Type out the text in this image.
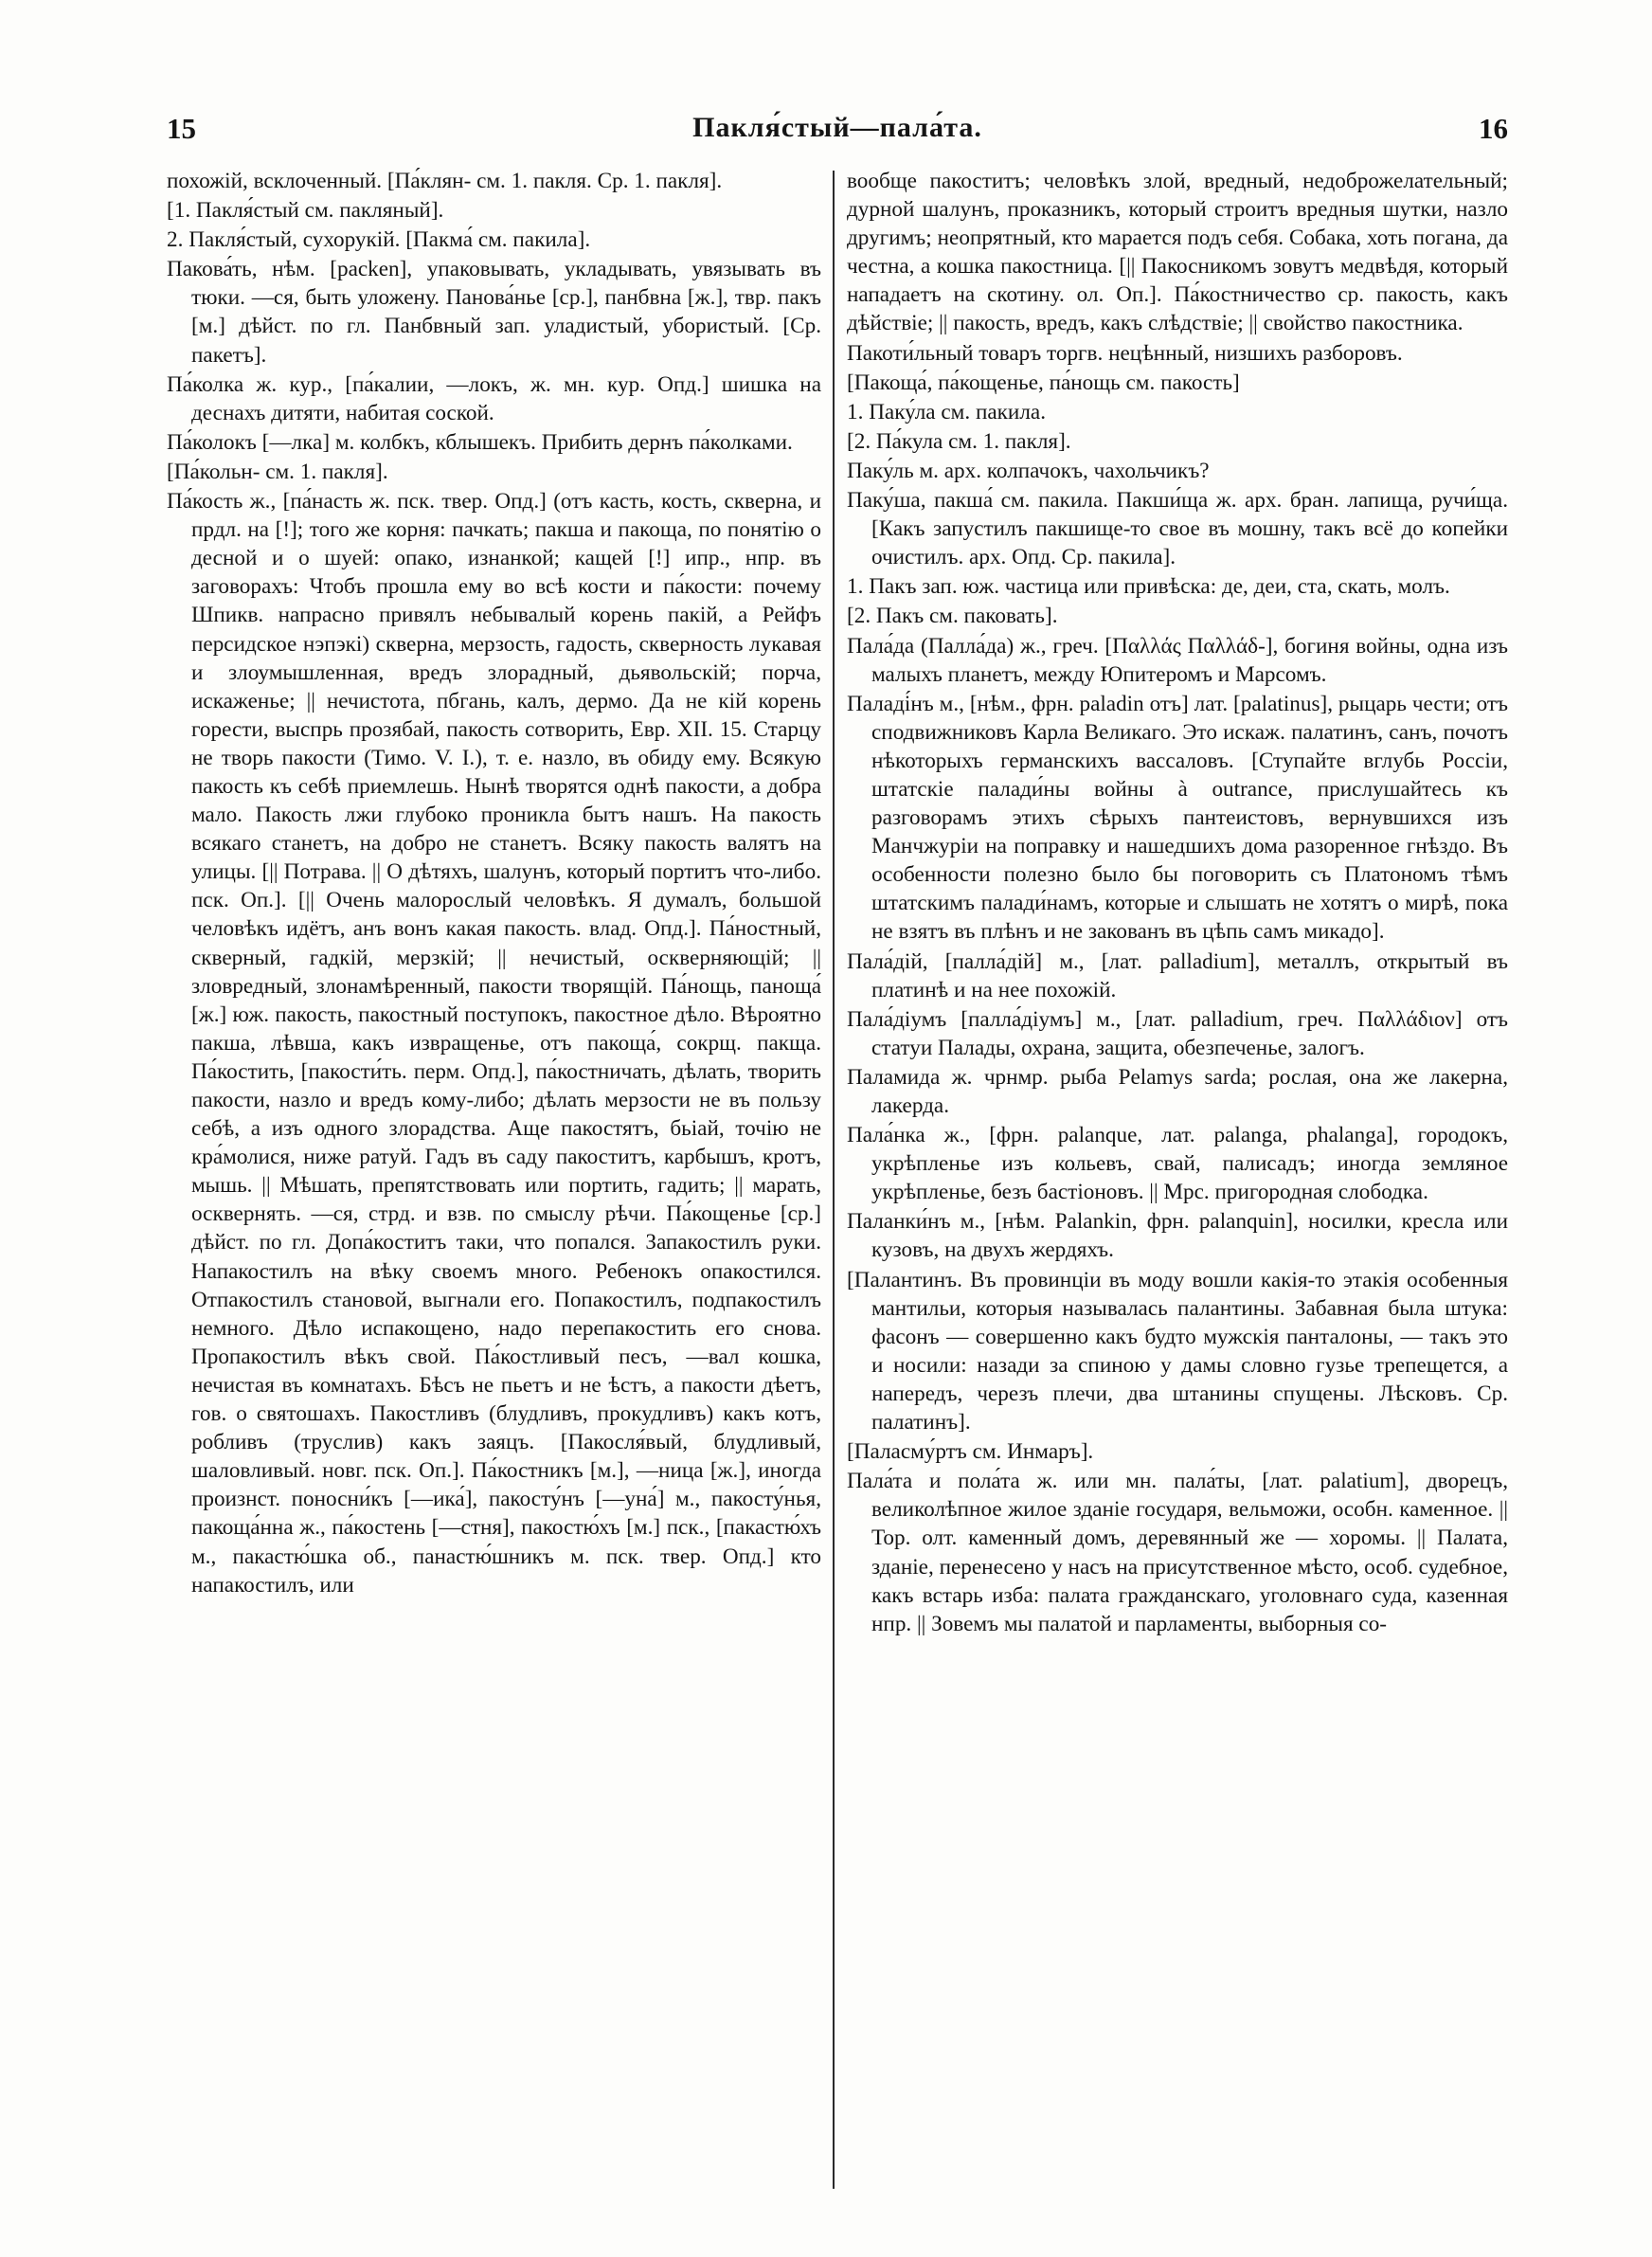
15	Пакля́стый—пала́та.	16

похожій, всклоченный. [Па́клян- см. 1. пакля. Ср. 1. пакля].

[1. Пакля́стый см. пакляный].

2. Пакля́стый, сухорукій. [Пакма́ см. пакила].

Пакова́ть, нѣм. [packen], упаковывать, укладывать, увязывать въ тюки. —ся, быть уложену. Панова́нье [ср.], панбвна [ж.], твр. пакъ [м.] дѣйст. по гл. Панбвный зап. уладистый, убористый. [Ср. пакетъ].

Па́колка ж. кур., [па́калии, —локъ, ж. мн. кур. Опд.] шишка на деснахъ дитяти, набитая соской.

Па́колокъ [—лка] м. колбкъ, кблышекъ. Прибить дернъ па́колками.

[Па́кольн- см. 1. пакля].

Па́кость ж., [па́насть ж. пск. твер. Опд.] (отъ касть, кость, скверна, и прдл. на [!]; того же корня: пачкать; пакша и пакоща, по понятію о десной и о шуей: опако, изнанкой; кащей [!] ипр., нпр. въ заговорахъ: Чтобъ прошла ему во всѣ кости и па́кости: почему Шпикв. напрасно привялъ небывалый корень пакiй, а Рейфъ персидское нэпэкi) скверна, мерзость, гадость, скверность лукавая и злоумышленная, вредъ злорадный, дьявольскій; порча, искаженье; || нечистота, пбгань, калъ, дермо. Да не кiй корень горести, выспрь прозябай, пакость сотворить, Евр. XII. 15. Старцу не творь пакости (Тимо. V. I.), т. е. назло, въ обиду ему. Всякую пакость къ себѣ приемлешь. Нынѣ творятся однѣ пакости, а добра мало. Пакость лжи глубоко проникла бытъ нашъ. На пакость всякаго станетъ, на добро не станетъ. Всяку пакость валятъ на улицы. [|| Потрава. || О дѣтяхъ, шалунъ, который портитъ что-либо. пск. Оп.]. [|| Очень малорослый человѣкъ. Я думалъ, большой человѣкъ идётъ, анъ вонъ какая пакость. влад. Опд.]. Па́ностный, скверный, гадкій, мерзкій; || нечистый, оскверняющій; || зловредный, злонамѣренный, пакости творящій. Па́нощь, паноща́ [ж.] юж. пакость, пакостный поступокъ, пакостное дѣло. Вѣроятно пакша, лѣвша, какъ извращенье, отъ пакоща́, сокрщ. пакща. Па́костить, [пакости́ть. перм. Опд.], па́костничать, дѣлать, творить пакости, назло и вредъ кому-либо; дѣлать мерзости не въ пользу себѣ, а изъ одного злорадства. Аще пакостятъ, бьiай, точiю не кра́молися, ниже ратуй. Гадъ въ саду пакоститъ, карбышъ, кротъ, мышь. || Мѣшать, препятствовать или портить, гадить; || марать, осквернять. —ся, стрд. и взв. по смыслу рѣчи. Па́кощенье [ср.] дѣйст. по гл. Допа́коститъ таки, что попался. Запакостилъ руки. Напакостилъ на вѣку своемъ много. Ребенокъ опакостился. Отпакостилъ становой, выгнали его. Попакостилъ, подпакостилъ немного. Дѣло испакощено, надо перепакостить его снова. Пропакостилъ вѣкъ свой. Па́костливый песъ, —вал кошка, нечистая въ комнатахъ. Бѣсъ не пьетъ и не ѣстъ, а пакости дѣетъ, гов. о святошахъ. Пакостливъ (блудливъ, прокудливъ) какъ котъ, робливъ (труслив) какъ заяцъ. [Пакосля́вый, блудливый, шаловливый. новг. пск. Оп.]. Па́костникъ [м.], —ница [ж.], иногда произнст. поносни́къ [—ика́], пакосту́нъ [—уна́] м., пакосту́нья, пакоща́нна ж., па́костень [—стня], пакостю́хъ [м.] пск., [пакастю́хъ м., пакастю́шка об., панастю́шникъ м. пск. твер. Опд.] кто напакостилъ, или

вообще пакоститъ; человѣкъ злой, вредный, недоброжелательный; дурной шалунъ, проказникъ, который строитъ вредныя шутки, назло другимъ; неопрятный, кто марается подъ себя. Собака, хоть погана, да честна, а кошка пакостница. [|| Пакосникомъ зовутъ медвѣдя, который нападаетъ на скотину. ол. Оп.]. Па́костничество ср. пакость, какъ дѣйствіе; || пакость, вредъ, какъ слѣдствіе; || свойство пакостника.

Пакоти́льный товаръ торгв. нецѣнный, низшихъ разборовъ.

[Пакоща́, па́кощенье, па́нощь см. пакость]

1. Паку́ла см. пакила.

[2. Па́кула см. 1. пакля].

Паку́ль м. арх. колпачокъ, чахольчикъ?

Паку́ша, пакша́ см. пакила. Пакши́ща ж. арх. бран. лапища, ручи́ща. [Какъ запустилъ пакшище-то свое въ мошну, такъ всё до копейки очистилъ. арх. Опд. Ср. пакила].

1. Пакъ зап. юж. частица или привѣска: де, деи, ста, скать, молъ.

[2. Пакъ см. паковать].

Пала́да (Палла́да) ж., греч. [Παλλάς Παλλάδ-], богиня войны, одна изъ малыхъ планетъ, между Юпитеромъ и Марсомъ.

Паладі́нъ м., [нѣм., фрн. paladin отъ] лат. [palatinus], рыцарь чести; отъ сподвижниковъ Карла Великаго. Это искаж. палатинъ, санъ, почотъ нѣкоторыхъ германскихъ вассаловъ. [Ступайте вглубь Россіи, штатскіе палади́ны войны à outrance, прислушайтесь къ разговорамъ этихъ сѣрыхъ пантеистовъ, вернувшихся изъ Манчжуріи на поправку и нашедшихъ дома разоренное гнѣздо. Въ особенности полезно было бы поговорить съ Платономъ тѣмъ штатскимъ палади́намъ, которые и слышать не хотятъ о мирѣ, пока не взятъ въ плѣнъ и не закованъ въ цѣпь самъ микадо].

Пала́дій, [палла́дій] м., [лат. palladium], металлъ, открытый въ платинѣ и на нее похожій.

Пала́діумъ [палла́діумъ] м., [лат. palladium, греч. Παλλάδιον] отъ статуи Палады, охрана, защита, обезпеченье, залогъ.

Паламида ж. чрнмр. рыба Pelamys sarda; рослая, она же лакерна, лакерда.

Пала́нка ж., [фрн. palanque, лат. palanga, phalanga], городокъ, укрѣпленье изъ кольевъ, свай, палисадъ; иногда земляное укрѣпленье, безъ бастіоновъ. || Мрс. пригородная слободка.

Паланки́нъ м., [нѣм. Palankin, фрн. palanquin], носилки, кресла или кузовъ, на двухъ жердяхъ.

[Палантинъ. Въ провинціи въ моду вошли какія-то этакія особенныя мантильи, которыя называлась палантины. Забавная была штука: фасонъ — совершенно какъ будто мужскія панталоны, — такъ это и носили: назади за спиною у дамы словно гузье трепещется, а напередъ, черезъ плечи, два штанины спущены. Лѣсковъ. Ср. палатинъ].

[Паласму́ртъ см. Инмаръ].

Пала́та и пола́та ж. или мн. пала́ты, [лат. palatium], дворецъ, великолѣпное жилое зданіе государя, вельможи, особн. каменное. || Тор. олт. каменный домъ, деревянный же — хоромы. || Палата, зданіе, перенесено у насъ на присутственное мѣсто, особ. судебное, какъ встарь изба: палата гражданскаго, уголовнаго суда, казенная нпр. || Зовемъ мы палатой и парламенты, выборныя со-
